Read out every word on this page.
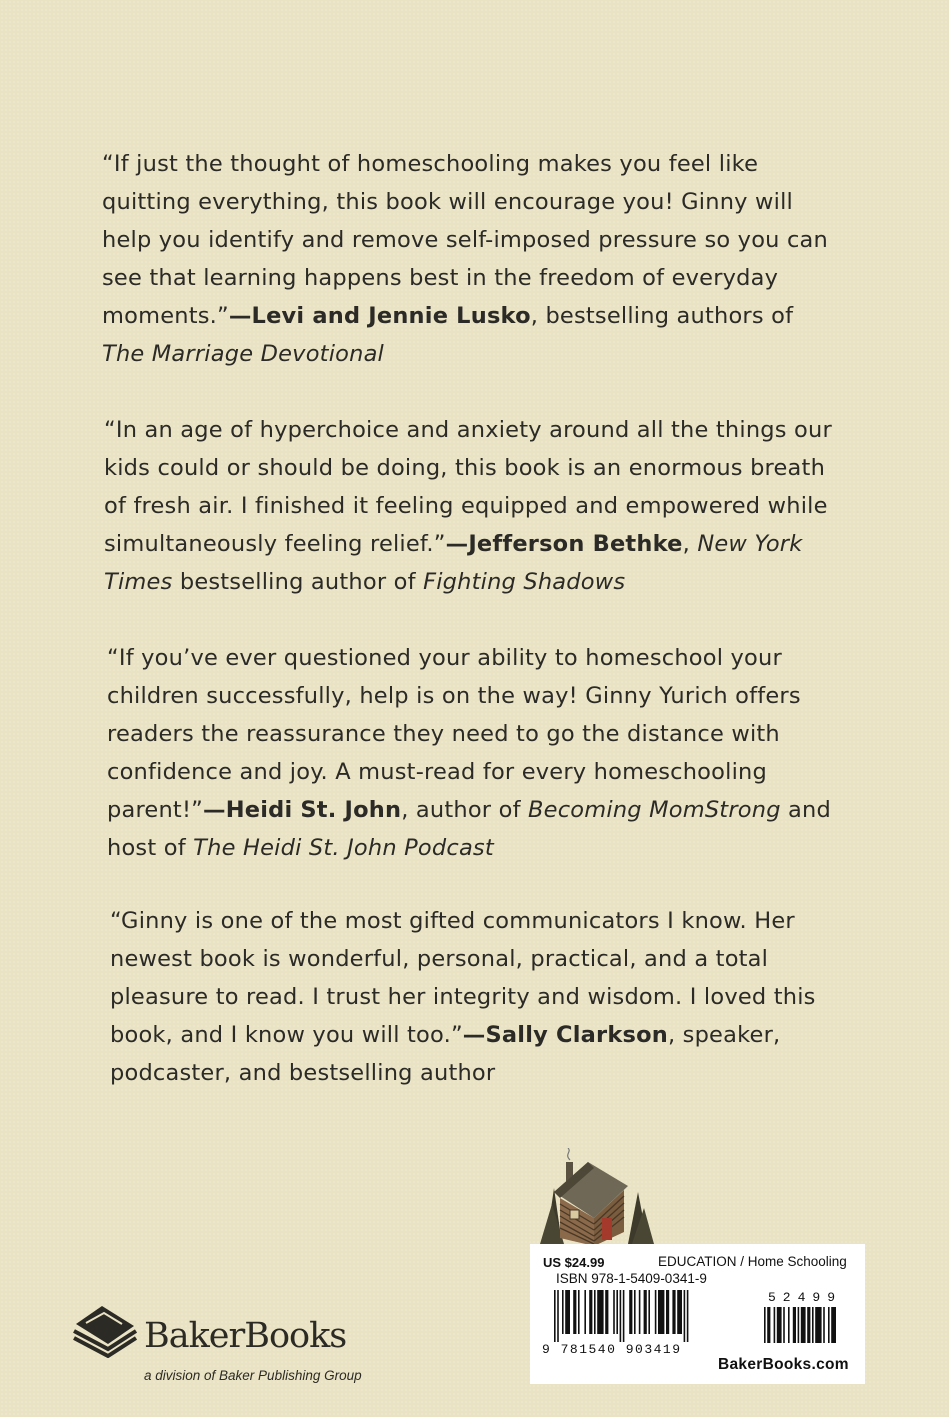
“If just the thought of homeschooling makes you feel like quitting everything, this book will encourage you! Ginny will help you identify and remove self-imposed pressure so you can see that learning happens best in the freedom of everyday moments.”—Levi and Jennie Lusko, bestselling authors of The Marriage Devotional

“In an age of hyperchoice and anxiety around all the things our kids could or should be doing, this book is an enormous breath of fresh air. I finished it feeling equipped and empowered while simultaneously feeling relief.”—Jefferson Bethke, New York Times bestselling author of Fighting Shadows

“If you’ve ever questioned your ability to homeschool your children successfully, help is on the way! Ginny Yurich offers readers the reassurance they need to go the distance with confidence and joy. A must-read for every homeschooling parent!”—Heidi St. John, author of Becoming MomStrong and host of The Heidi St. John Podcast

“Ginny is one of the most gifted communicators I know. Her newest book is wonderful, personal, practical, and a total pleasure to read. I trust her integrity and wisdom. I loved this book, and I know you will too.”—Sally Clarkson, speaker, podcaster, and bestselling author

BakerBooks
a division of Baker Publishing Group
US $24.99	EDUCATION / Home Schooling
ISBN 978-1-5409-0341-9
9 781540 903419
52499
BakerBooks.com
